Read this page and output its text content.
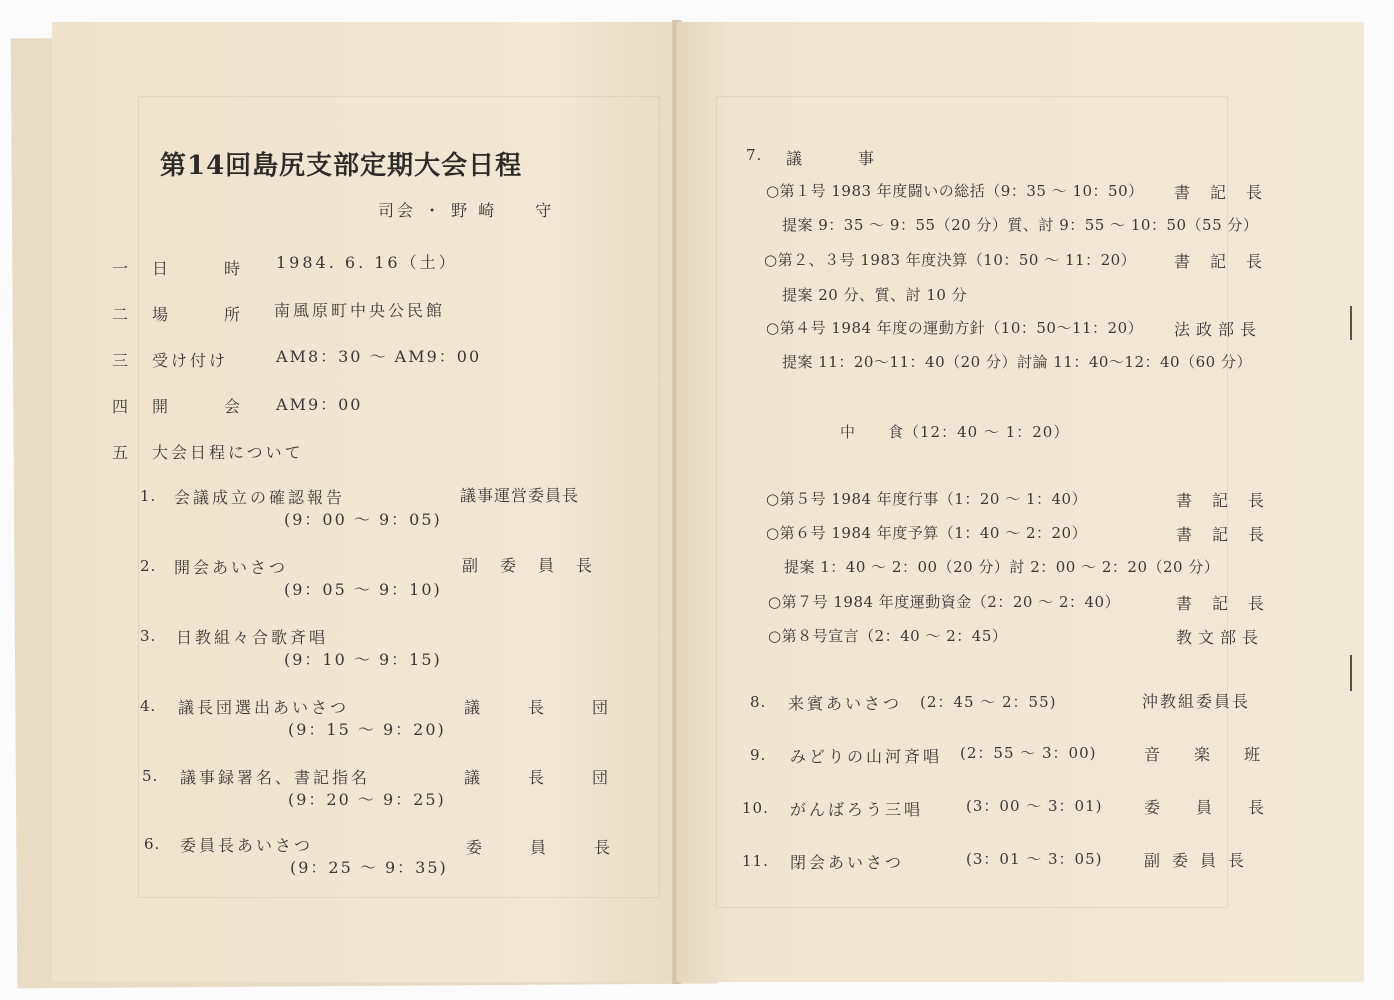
第14回島尻支部定期大会日程
司会 ・ 野 崎　　守
一 日　　時 1984. 6. 16（土）
二 場　　所 南風原町中央公民館
三 受け付け	AM8：30 ～ AM9：00
四 開　　会 AM9：00
五 大会日程について
1. 会議成立の確認報告	議事運営委員長
(9：00 ～ 9：05)
2. 開会あいさつ	副委員長
(9：05 ～ 9：10)
3. 日教組々合歌斉唱
(9：10 ～ 9：15)
4. 議長団選出あいさつ	議長団
(9：15 ～ 9：20)
5. 議事録署名、書記指名	議長団
(9：20 ～ 9：25)
6. 委員長あいさつ	委員長
(9：25 ～ 9：35)
7. 議　　事
○第１号 1983 年度闘いの総括（9：35 ～ 10：50） 書記長
提案 9：35 ～ 9：55（20 分）質、討 9：55 ～ 10：50（55 分）
○第２、３号 1983 年度決算（10：50 ～ 11：20） 書記長
提案 20 分、質、討 10 分
○第４号 1984 年度の運動方針（10：50～11：20） 法政部長
提案 11：20～11：40（20 分）討論 11：40～12：40（60 分）
中　　食（12：40 ～ 1：20）
○第５号 1984 年度行事（1：20 ～ 1：40）	書記長
○第６号 1984 年度予算（1：40 ～ 2：20）	書記長
提案 1：40 ～ 2：00（20 分）討 2：00 ～ 2：20（20 分）
○第７号 1984 年度運動資金（2：20 ～ 2：40）	書記長
○第８号宣言（2：40 ～ 2：45）	教文部長
8. 来賓あいさつ (2：45 ～ 2：55)	沖教組委員長
9. みどりの山河斉唱 (2：55 ～ 3：00)	音楽班
10. がんばろう三唱	(3：00 ～ 3：01)	委員長
11. 閉会あいさつ	(3：01 ～ 3：05)	副委員長
